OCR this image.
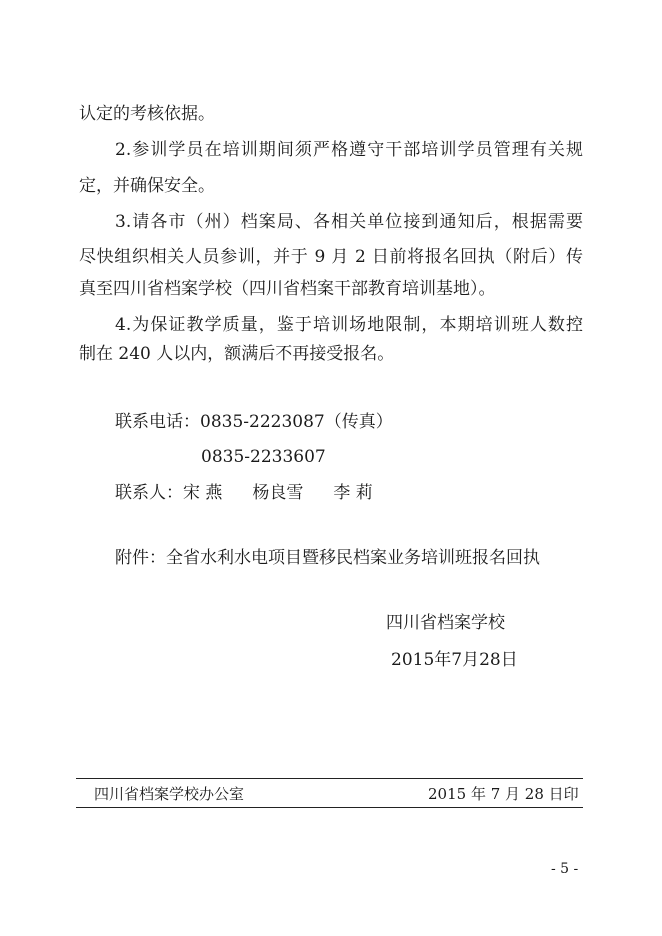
认定的考核依据。
2.参训学员在培训期间须严格遵守干部培训学员管理有关规
定，并确保安全。
3.请各市（州）档案局、各相关单位接到通知后，根据需要
尽快组织相关人员参训，并于 9 月 2 日前将报名回执（附后）传
真至四川省档案学校（四川省档案干部教育培训基地）。
4.为保证教学质量，鉴于培训场地限制，本期培训班人数控
制在 240 人以内，额满后不再接受报名。
联系电话：0835-2223087（传真）
0835-2233607
联系人：宋 燕 杨良雪 李 莉
附件：全省水利水电项目暨移民档案业务培训班报名回执
四川省档案学校
2015年7月28日
四川省档案学校办公室	2015 年 7 月 28 日印
- 5 -
